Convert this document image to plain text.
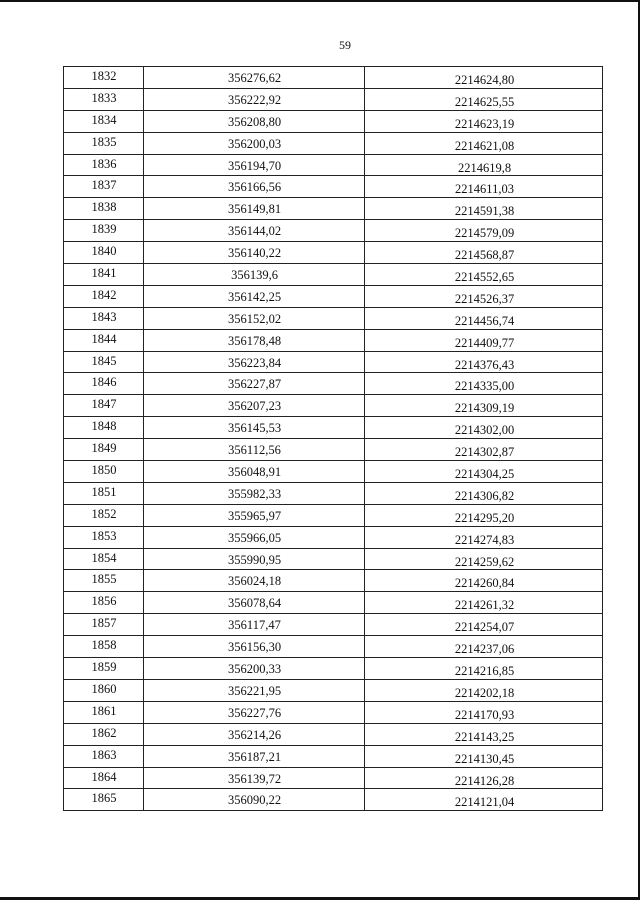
59
1832	356276,62	2214624,80
1833	356222,92	2214625,55
1834	356208,80	2214623,19
1835	356200,03	2214621,08
1836	356194,70	2214619,8
1837	356166,56	2214611,03
1838	356149,81	2214591,38
1839	356144,02	2214579,09
1840	356140,22	2214568,87
1841	356139,6	2214552,65
1842	356142,25	2214526,37
1843	356152,02	2214456,74
1844	356178,48	2214409,77
1845	356223,84	2214376,43
1846	356227,87	2214335,00
1847	356207,23	2214309,19
1848	356145,53	2214302,00
1849	356112,56	2214302,87
1850	356048,91	2214304,25
1851	355982,33	2214306,82
1852	355965,97	2214295,20
1853	355966,05	2214274,83
1854	355990,95	2214259,62
1855	356024,18	2214260,84
1856	356078,64	2214261,32
1857	356117,47	2214254,07
1858	356156,30	2214237,06
1859	356200,33	2214216,85
1860	356221,95	2214202,18
1861	356227,76	2214170,93
1862	356214,26	2214143,25
1863	356187,21	2214130,45
1864	356139,72	2214126,28
1865	356090,22	2214121,04
